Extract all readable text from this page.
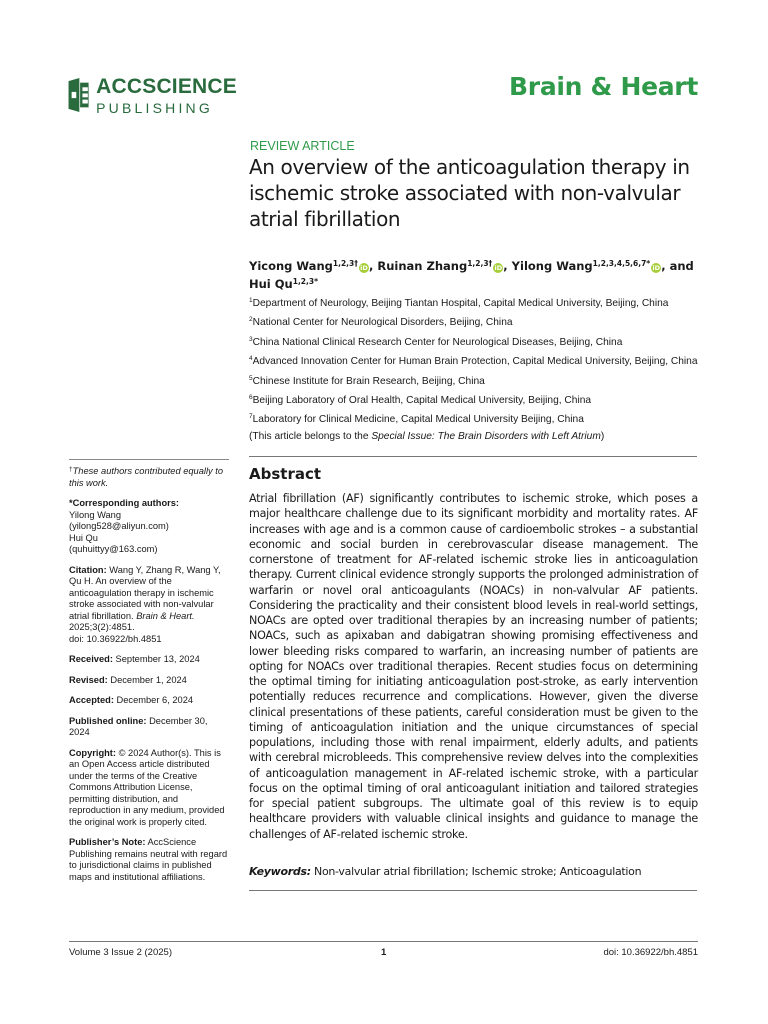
ACCSCIENCE
PUBLISHING
Brain & Heart
REVIEW ARTICLE
An overview of the anticoagulation therapy in ischemic stroke associated with non-valvular atrial fibrillation
Yicong Wang$^{1,2,3\dagger}$ iD, Ruinan Zhang$^{1,2,3\dagger}$ iD, Yilong Wang$^{1,2,3,4,5,6,7*}$ iD, and Hui $Qu^{1,2,3*}$
$^1$Department of Neurology, Beijing Tiantan Hospital, Capital Medical University, Beijing, China
$^2$National Center for Neurological Disorders, Beijing, China
$^3$China National Clinical Research Center for Neurological Diseases, Beijing, China
$^4$Advanced Innovation Center for Human Brain Protection, Capital Medical University, Beijing, China
$^5$Chinese Institute for Brain Research, Beijing, China
$^6$Beijing Laboratory of Oral Health, Capital Medical University, Beijing, China
$^7$Laboratory for Clinical Medicine, Capital Medical University Beijing, China
(This article belongs to the Special Issue: The Brain Disorders with Left Atrium)
†These authors contributed equally to this work.
*Corresponding authors:
Yilong Wang
(yilong528@aliyun.com)
Hui Qu
(quhuittyy@163.com)
Citation: Wang Y, Zhang R, Wang Y, Qu H. An overview of the anticoagulation therapy in ischemic stroke associated with non-valvular atrial fibrillation. Brain & Heart. 2025;3(2):4851.
doi: 10.36922/bh.4851
Received: September 13, 2024
Revised: December 1, 2024
Accepted: December 6, 2024
Published online: December 30, 2024
Copyright: © 2024 Author(s). This is an Open Access article distributed under the terms of the Creative Commons Attribution License, permitting distribution, and reproduction in any medium, provided the original work is properly cited.
Publisher’s Note: AccScience Publishing remains neutral with regard to jurisdictional claims in published maps and institutional affiliations.
Abstract
Atrial fibrillation (AF) significantly contributes to ischemic stroke, which poses a major healthcare challenge due to its significant morbidity and mortality rates. AF increases with age and is a common cause of cardioembolic strokes – a substantial economic and social burden in cerebrovascular disease management. The cornerstone of treatment for AF-related ischemic stroke lies in anticoagulation therapy. Current clinical evidence strongly supports the prolonged administration of warfarin or novel oral anticoagulants (NOACs) in non-valvular AF patients. Considering the practicality and their consistent blood levels in real-world settings, NOACs are opted over traditional therapies by an increasing number of patients; NOACs, such as apixaban and dabigatran showing promising effectiveness and lower bleeding risks compared to warfarin, an increasing number of patients are opting for NOACs over traditional therapies. Recent studies focus on determining the optimal timing for initiating anticoagulation post-stroke, as early intervention potentially reduces recurrence and complications. However, given the diverse clinical presentations of these patients, careful consideration must be given to the timing of anticoagulation initiation and the unique circumstances of special populations, including those with renal impairment, elderly adults, and patients with cerebral microbleeds. This comprehensive review delves into the complexities of anticoagulation management in AF-related ischemic stroke, with a particular focus on the optimal timing of oral anticoagulant initiation and tailored strategies for special patient subgroups. The ultimate goal of this review is to equip healthcare providers with valuable clinical insights and guidance to manage the challenges of AF-related ischemic stroke.
Keywords: Non-valvular atrial fibrillation; Ischemic stroke; Anticoagulation
Volume 3 Issue 2 (2025)	1	doi: 10.36922/bh.4851
